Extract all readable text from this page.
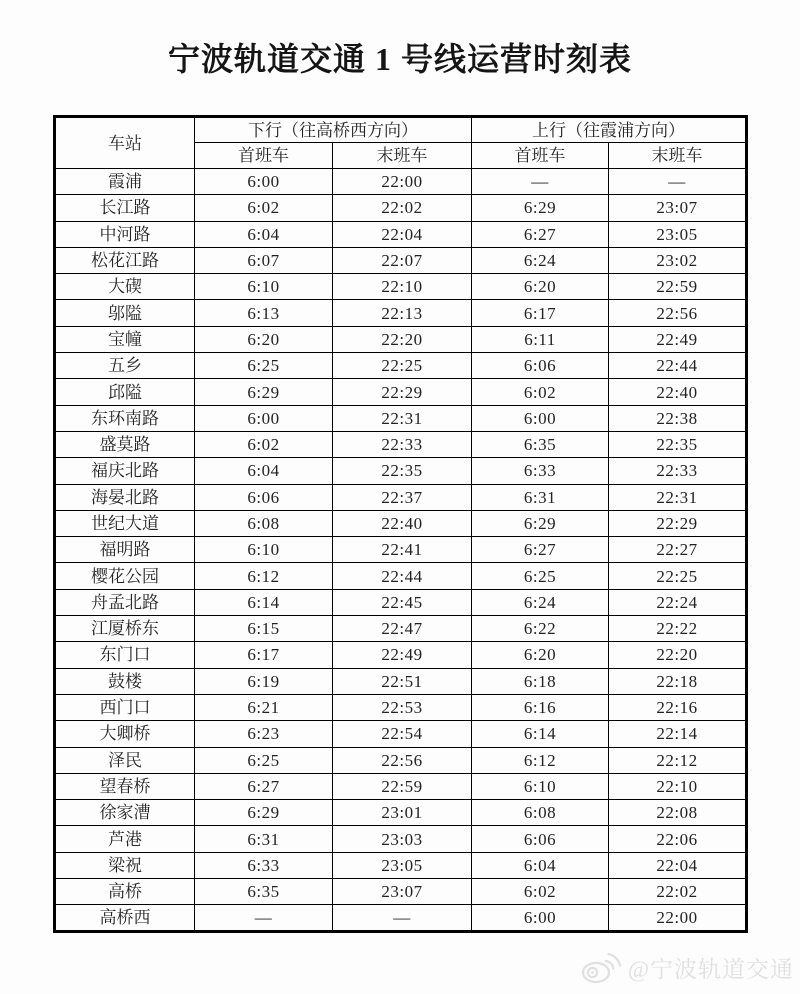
宁波轨道交通 1 号线运营时刻表
车站	下行（往高桥西方向）		上行（往霞浦方向）	
	首班车	末班车	首班车	末班车
霞浦	6:00	22:00	—	—
长江路	6:02	22:02	6:29	23:07
中河路	6:04	22:04	6:27	23:05
松花江路	6:07	22:07	6:24	23:02
大碶	6:10	22:10	6:20	22:59
邬隘	6:13	22:13	6:17	22:56
宝幢	6:20	22:20	6:11	22:49
五乡	6:25	22:25	6:06	22:44
邱隘	6:29	22:29	6:02	22:40
东环南路	6:00	22:31	6:00	22:38
盛莫路	6:02	22:33	6:35	22:35
福庆北路	6:04	22:35	6:33	22:33
海晏北路	6:06	22:37	6:31	22:31
世纪大道	6:08	22:40	6:29	22:29
福明路	6:10	22:41	6:27	22:27
樱花公园	6:12	22:44	6:25	22:25
舟孟北路	6:14	22:45	6:24	22:24
江厦桥东	6:15	22:47	6:22	22:22
东门口	6:17	22:49	6:20	22:20
鼓楼	6:19	22:51	6:18	22:18
西门口	6:21	22:53	6:16	22:16
大卿桥	6:23	22:54	6:14	22:14
泽民	6:25	22:56	6:12	22:12
望春桥	6:27	22:59	6:10	22:10
徐家漕	6:29	23:01	6:08	22:08
芦港	6:31	23:03	6:06	22:06
梁祝	6:33	23:05	6:04	22:04
高桥	6:35	23:07	6:02	22:02
高桥西	—	—	6:00	22:00
@宁波轨道交通
